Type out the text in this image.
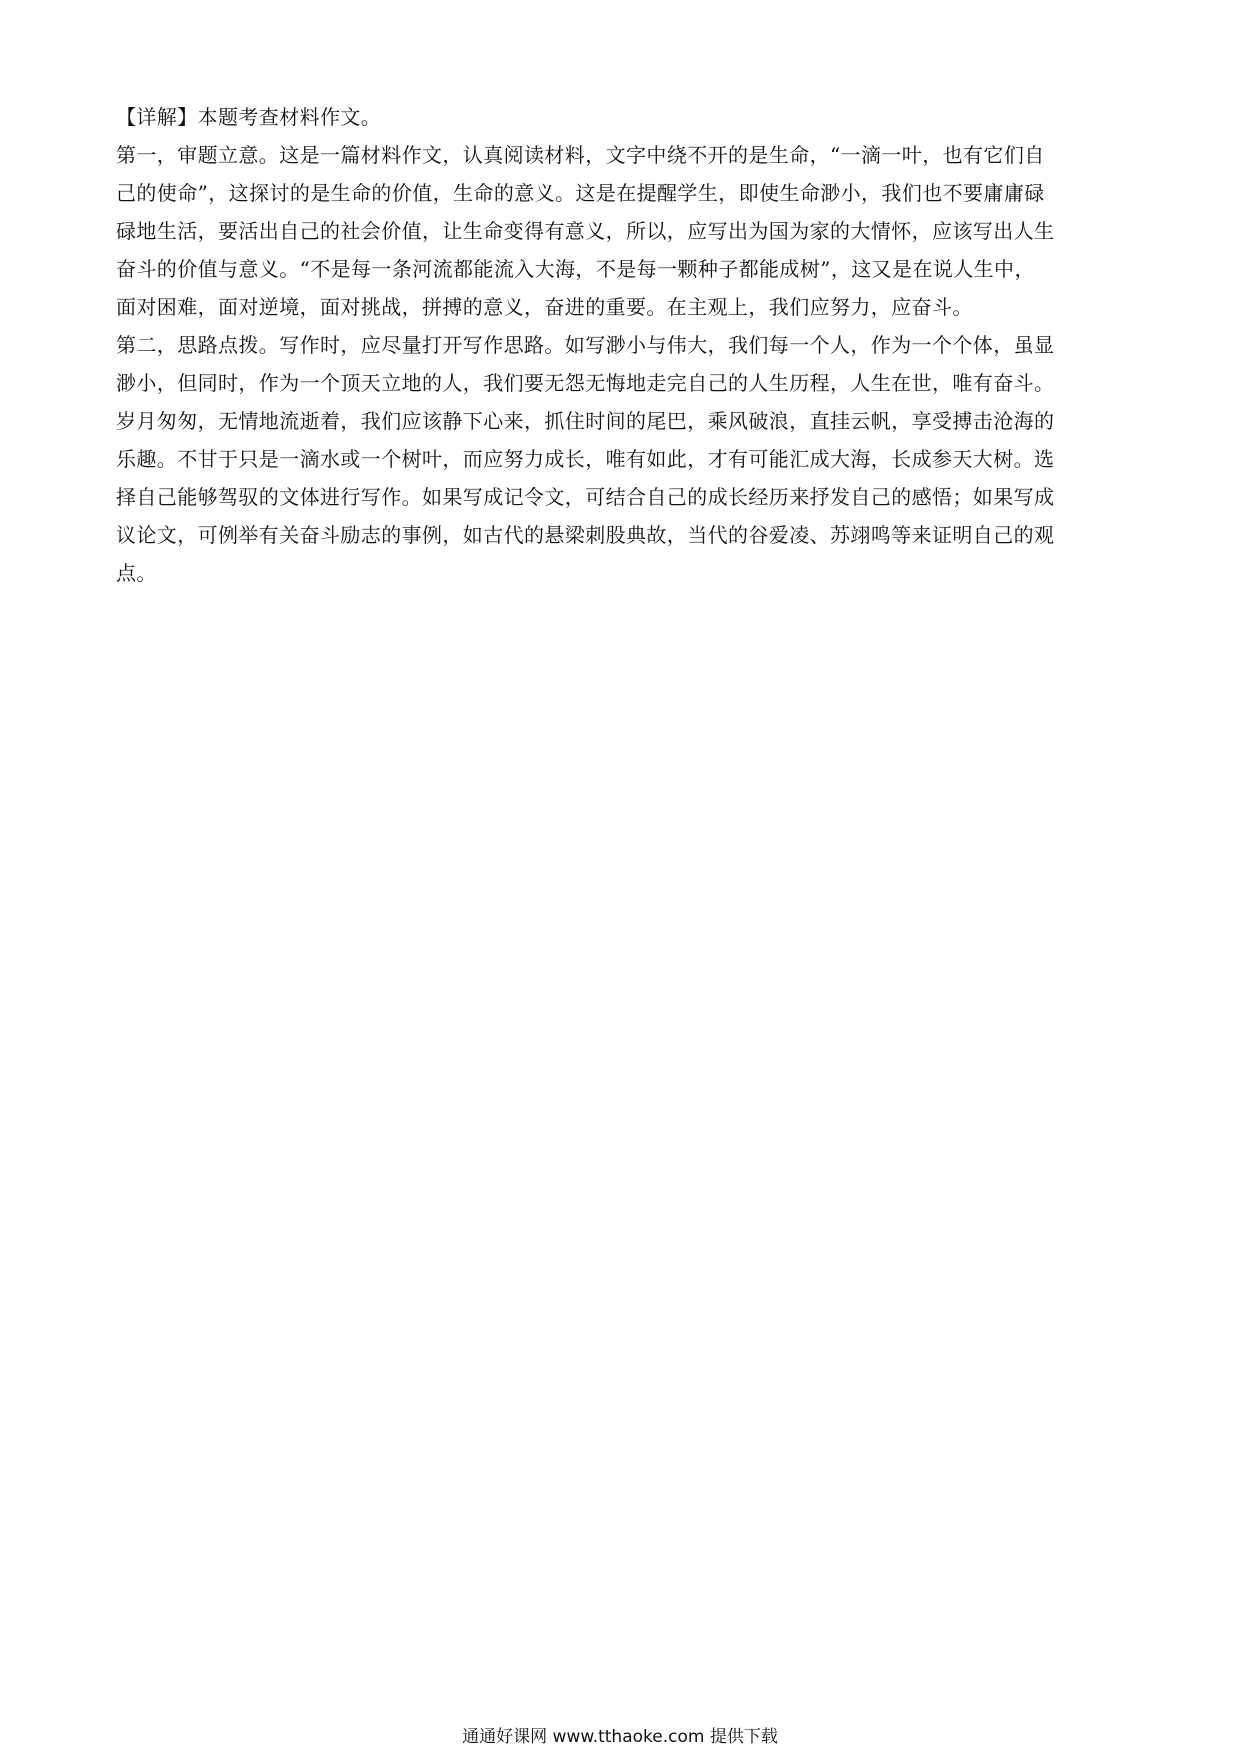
【详解】本题考查材料作文。
第一，审题立意。这是一篇材料作文，认真阅读材料，文字中绕不开的是生命，“一滴一叶，也有它们自
己的使命”，这探讨的是生命的价值，生命的意义。这是在提醒学生，即使生命渺小，我们也不要庸庸碌
碌地生活，要活出自己的社会价值，让生命变得有意义，所以，应写出为国为家的大情怀，应该写出人生
奋斗的价值与意义。“不是每一条河流都能流入大海，不是每一颗种子都能成树”，这又是在说人生中，
面对困难，面对逆境，面对挑战，拼搏的意义，奋进的重要。在主观上，我们应努力，应奋斗。
第二，思路点拨。写作时，应尽量打开写作思路。如写渺小与伟大，我们每一个人，作为一个个体，虽显
渺小，但同时，作为一个顶天立地的人，我们要无怨无悔地走完自己的人生历程，人生在世，唯有奋斗。
岁月匆匆，无情地流逝着，我们应该静下心来，抓住时间的尾巴，乘风破浪，直挂云帆，享受搏击沧海的
乐趣。不甘于只是一滴水或一个树叶，而应努力成长，唯有如此，才有可能汇成大海，长成参天大树。选
择自己能够驾驭的文体进行写作。如果写成记令文，可结合自己的成长经历来抒发自己的感悟；如果写成
议论文，可例举有关奋斗励志的事例，如古代的悬梁刺股典故，当代的谷爱凌、苏翊鸣等来证明自己的观
点。
通通好课网 www.tthaoke.com 提供下载
